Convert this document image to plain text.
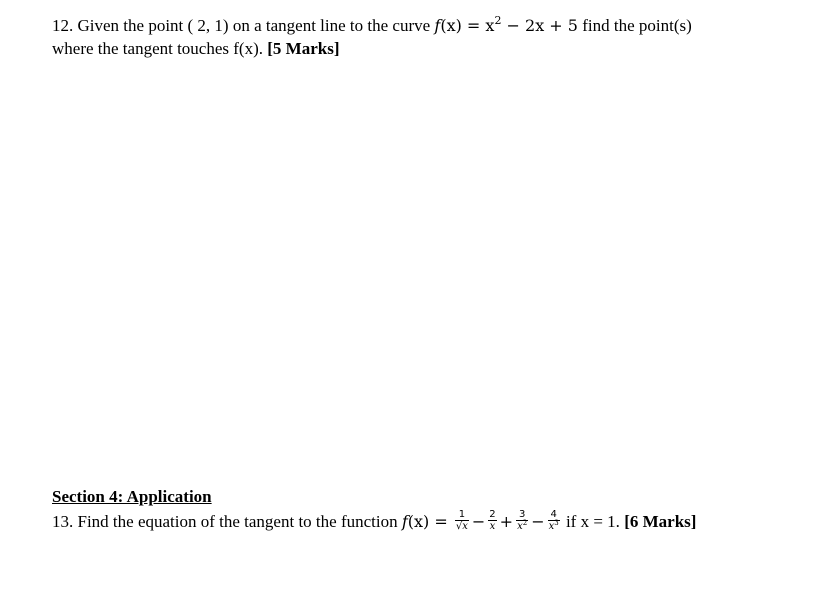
12. Given the point ( 2, 1) on a tangent line to the curve $f(x) = x^2 - 2x + 5$ find the point(s)
where the tangent touches f(x). [5 Marks]
Section 4: Application
13. Find the equation of the tangent to the function $f(x) = \frac{1}{√x} - \frac{2}{x} + \frac{3}{x^2} - \frac{4}{x^3}$ if x = 1. [6 Marks]
